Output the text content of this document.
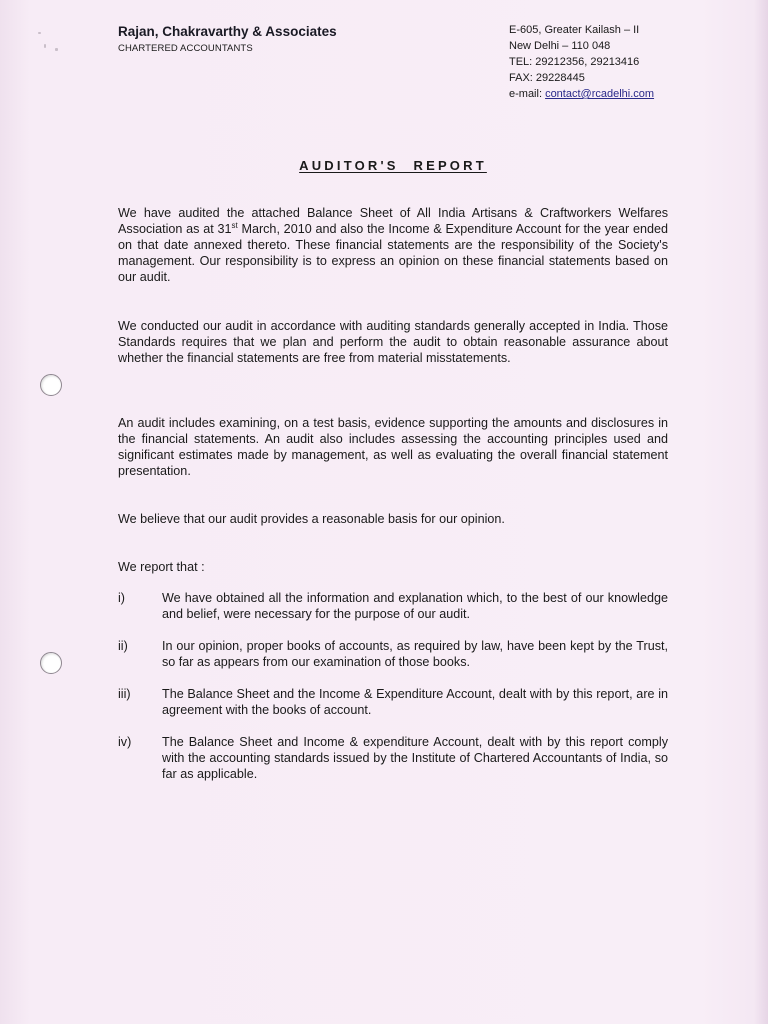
Rajan, Chakravarthy & Associates
CHARTERED ACCOUNTANTS
E-605, Greater Kailash – II
New Delhi – 110 048
TEL: 29212356, 29213416
FAX: 29228445
e-mail: contact@rcadelhi.com
AUDITOR'S REPORT

We have audited the attached Balance Sheet of All India Artisans & Craftworkers Welfares Association as at 31st March, 2010 and also the Income & Expenditure Account for the year ended on that date annexed thereto. These financial statements are the responsibility of the Society's management. Our responsibility is to express an opinion on these financial statements based on our audit.

We conducted our audit in accordance with auditing standards generally accepted in India. Those Standards requires that we plan and perform the audit to obtain reasonable assurance about whether the financial statements are free from material misstatements.

An audit includes examining, on a test basis, evidence supporting the amounts and disclosures in the financial statements. An audit also includes assessing the accounting principles used and significant estimates made by management, as well as evaluating the overall financial statement presentation.

We believe that our audit provides a reasonable basis for our opinion.

We report that :

i)	We have obtained all the information and explanation which, to the best of our knowledge and belief, were necessary for the purpose of our audit.
ii)	In our opinion, proper books of accounts, as required by law, have been kept by the Trust, so far as appears from our examination of those books.
iii)	The Balance Sheet and the Income & Expenditure Account, dealt with by this report, are in agreement with the books of account.
iv)	The Balance Sheet and Income & expenditure Account, dealt with by this report comply with the accounting standards issued by the Institute of Chartered Accountants of India, so far as applicable.
